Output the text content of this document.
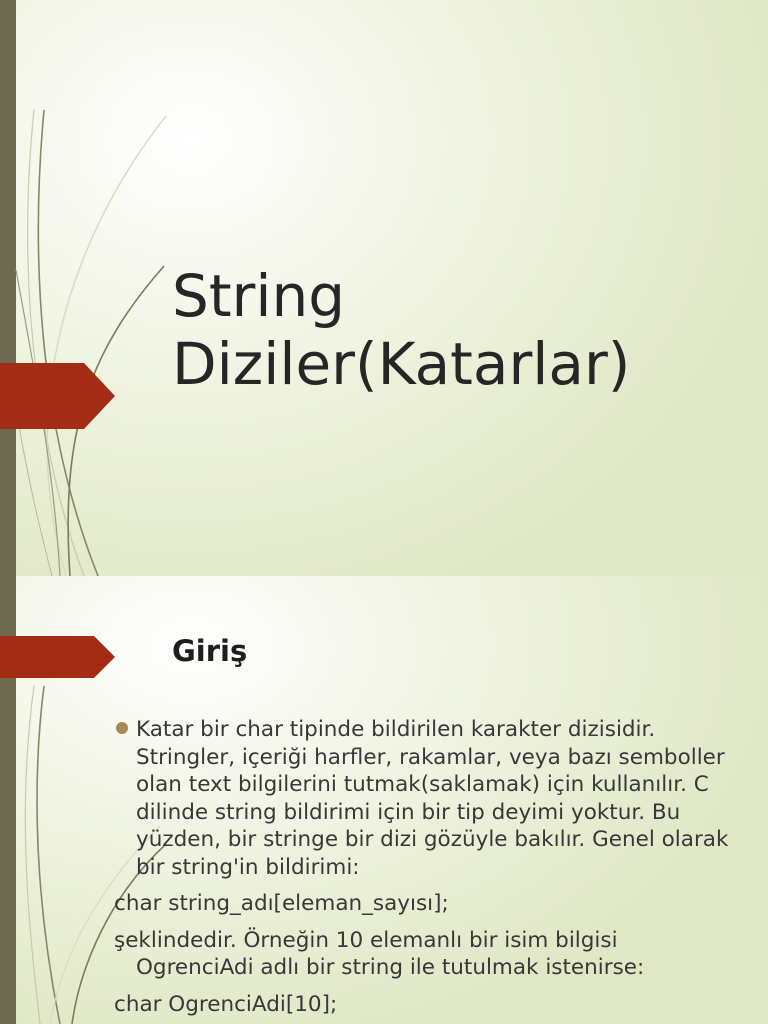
String
Diziler(Katarlar)
Giriş

Katar bir char tipinde bildirilen karakter dizisidir. Stringler, içeriği harfler, rakamlar, veya bazı semboller olan text bilgilerini tutmak(saklamak) için kullanılır. C dilinde string bildirimi için bir tip deyimi yoktur. Bu yüzden, bir stringe bir dizi gözüyle bakılır. Genel olarak bir string'in bildirimi:

char string_adı[eleman_sayısı];

şeklindedir. Örneğin 10 elemanlı bir isim bilgisi OgrenciAdi adlı bir string ile tutulmak istenirse:

char OgrenciAdi[10];
